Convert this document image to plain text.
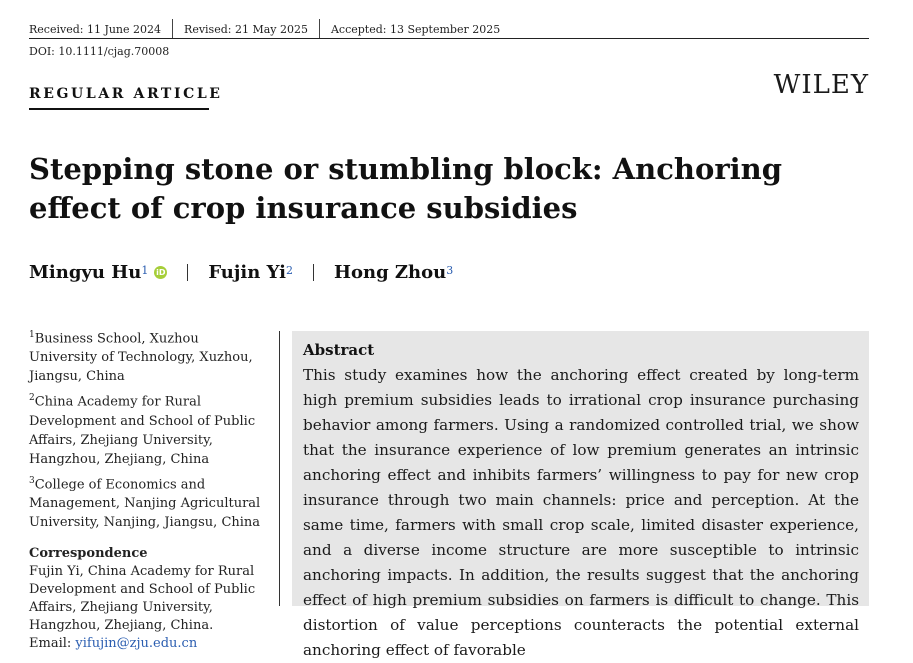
Received: 11 June 2024 Revised: 21 May 2025 Accepted: 13 September 2025
DOI: 10.1111/cjag.70008
REGULAR ARTICLE	WILEY
Stepping stone or stumbling block: Anchoring effect of crop insurance subsidies
Mingyu Hu$^1$ iD Fujin Yi$^2$ Hong Zhou$^3$
$^1$Business School, Xuzhou University of Technology, Xuzhou, Jiangsu, China
$^2$China Academy for Rural Development and School of Public Affairs, Zhejiang University, Hangzhou, Zhejiang, China
$^3$College of Economics and Management, Nanjing Agricultural University, Nanjing, Jiangsu, China
Correspondence
Fujin Yi, China Academy for Rural Development and School of Public Affairs, Zhejiang University, Hangzhou, Zhejiang, China.
Email: yifujin@zju.edu.cn
Abstract

This study examines how the anchoring effect created by long-term high premium subsidies leads to irrational crop insurance purchasing behavior among farmers. Using a randomized controlled trial, we show that the insurance experience of low premium generates an intrinsic anchoring effect and inhibits farmers’ willingness to pay for new crop insurance through two main channels: price and perception. At the same time, farmers with small crop scale, limited disaster experience, and a diverse income structure are more susceptible to intrinsic anchoring impacts. In addition, the results suggest that the anchoring effect of high premium subsidies on farmers is difficult to change. This distortion of value perceptions counteracts the potential external anchoring effect of favorable
